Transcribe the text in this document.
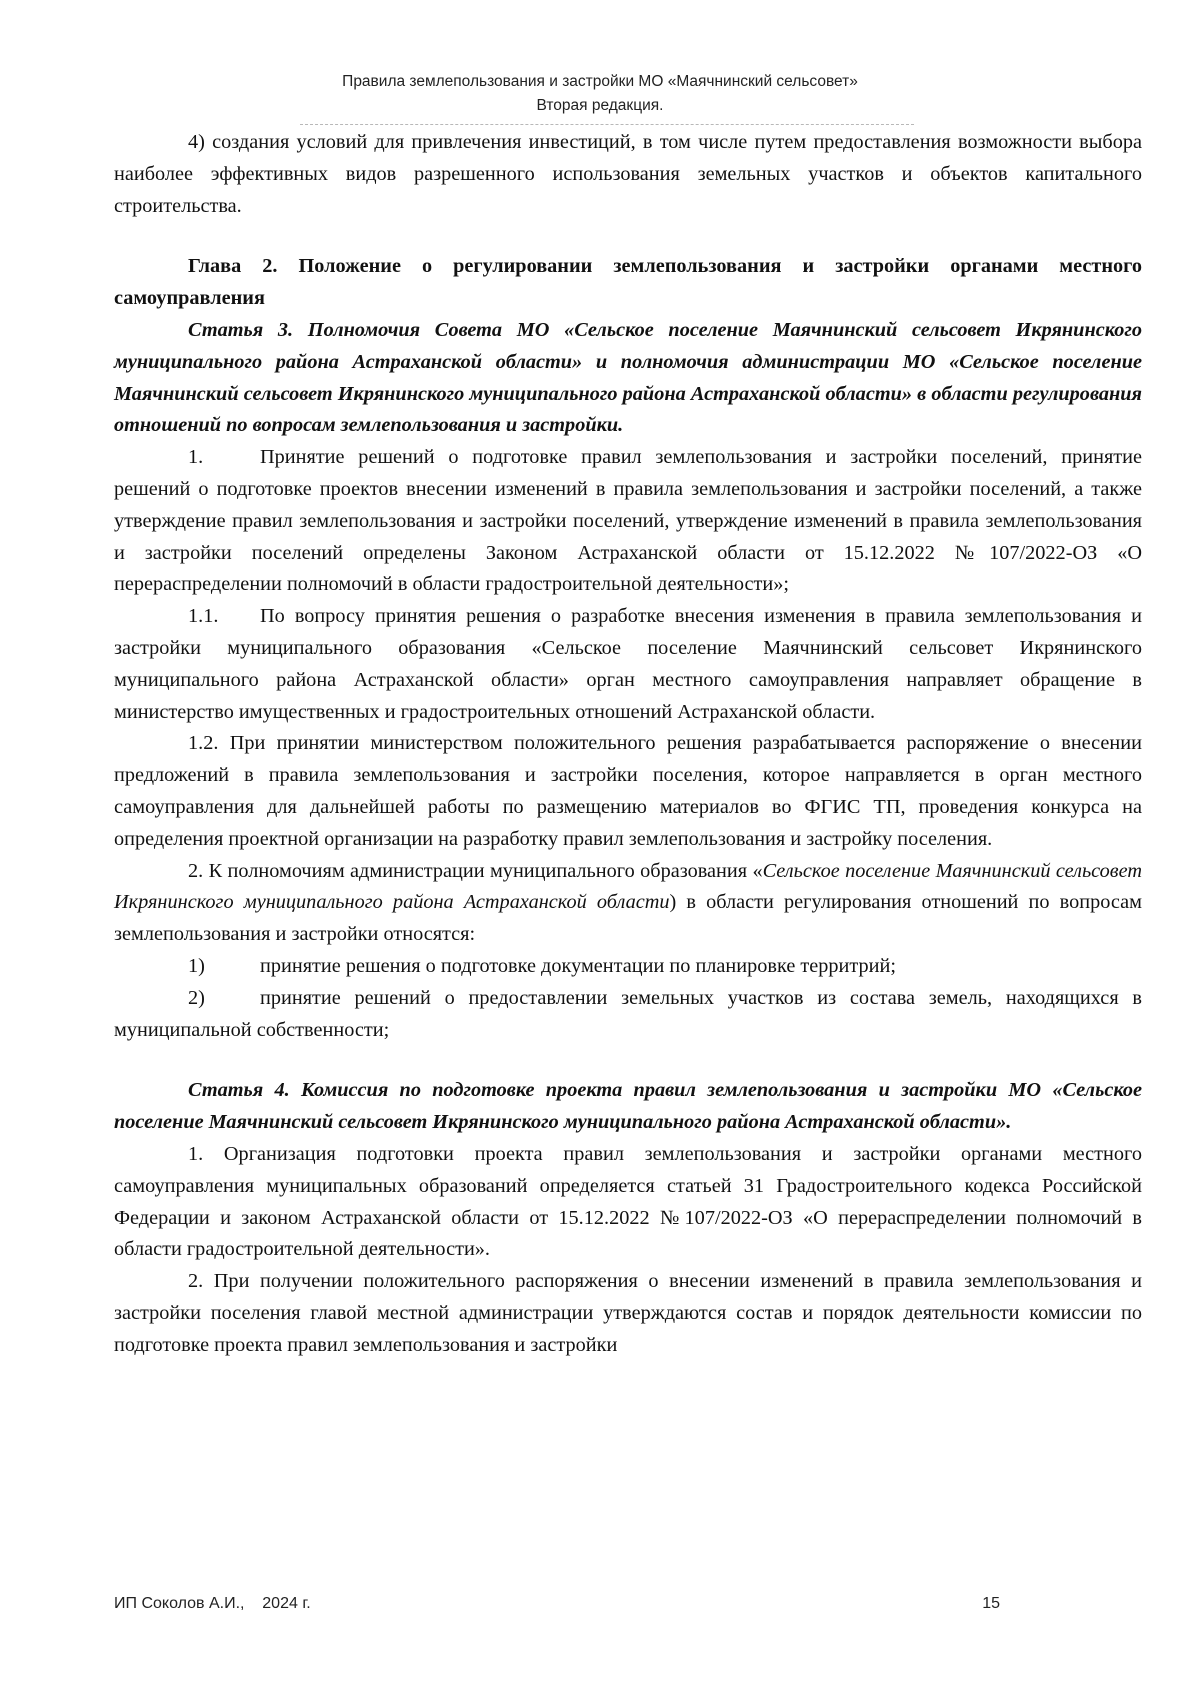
Правила землепользования и застройки МО «Маячнинский сельсовет»
Вторая редакция.

4) создания условий для привлечения инвестиций, в том числе путем предоставления возможности выбора наиболее эффективных видов разрешенного использования земельных участков и объектов капитального строительства.

Глава 2. Положение о регулировании землепользования и застройки органами местного самоуправления

Статья 3. Полномочия Совета МО «Сельское поселение Маячнинский сельсовет Икрянинского муниципального района Астраханской области» и полномочия администрации МО «Сельское поселение Маячнинский сельсовет Икрянинского муниципального района Астраханской области» в области регулирования отношений по вопросам землепользования и застройки.

1.	Принятие решений о подготовке правил землепользования и застройки поселений, принятие решений о подготовке проектов внесении изменений в правила землепользования и застройки поселений, а также утверждение правил землепользования и застройки поселений, утверждение изменений в правила землепользования и застройки поселений определены Законом Астраханской области от 15.12.2022 №107/2022-ОЗ «О перераспределении полномочий в области градостроительной деятельности»;

1.1. По вопросу принятия решения о разработке внесения изменения в правила землепользования и застройки муниципального образования «Сельское поселение Маячнинский сельсовет Икрянинского муниципального района Астраханской области» орган местного самоуправления направляет обращение в министерство имущественных и градостроительных отношений Астраханской области.

1.2. При принятии министерством положительного решения разрабатывается распоряжение о внесении предложений в правила землепользования и застройки поселения, которое направляется в орган местного самоуправления для дальнейшей работы по размещению материалов во ФГИС ТП, проведения конкурса на определения проектной организации на разработку правил землепользования и застройку поселения.

2. К полномочиям администрации муниципального образования «Сельское поселение Маячнинский сельсовет Икрянинского муниципального района Астраханской области) в области регулирования отношений по вопросам землепользования и застройки относятся:

1)	принятие решения о подготовке документации по планировке территрий;

2)	принятие решений о предоставлении земельных участков из состава земель, находящихся в муниципальной собственности;

Статья 4. Комиссия по подготовке проекта правил землепользования и застройки МО «Сельское поселение Маячнинский сельсовет Икрянинского муниципального района Астраханской области».

1. Организация подготовки проекта правил землепользования и застройки органами местного самоуправления муниципальных образований определяется статьей 31 Градостроительного кодекса Российской Федерации и законом Астраханской области от 15.12.2022 №107/2022-ОЗ «О перераспределении полномочий в области градостроительной деятельности».

2. При получении положительного распоряжения о внесении изменений в правила землепользования и застройки поселения главой местной администрации утверждаются состав и порядок деятельности комиссии по подготовке проекта правил землепользования и застройки

ИП Соколов А.И.,    2024 г.	15
